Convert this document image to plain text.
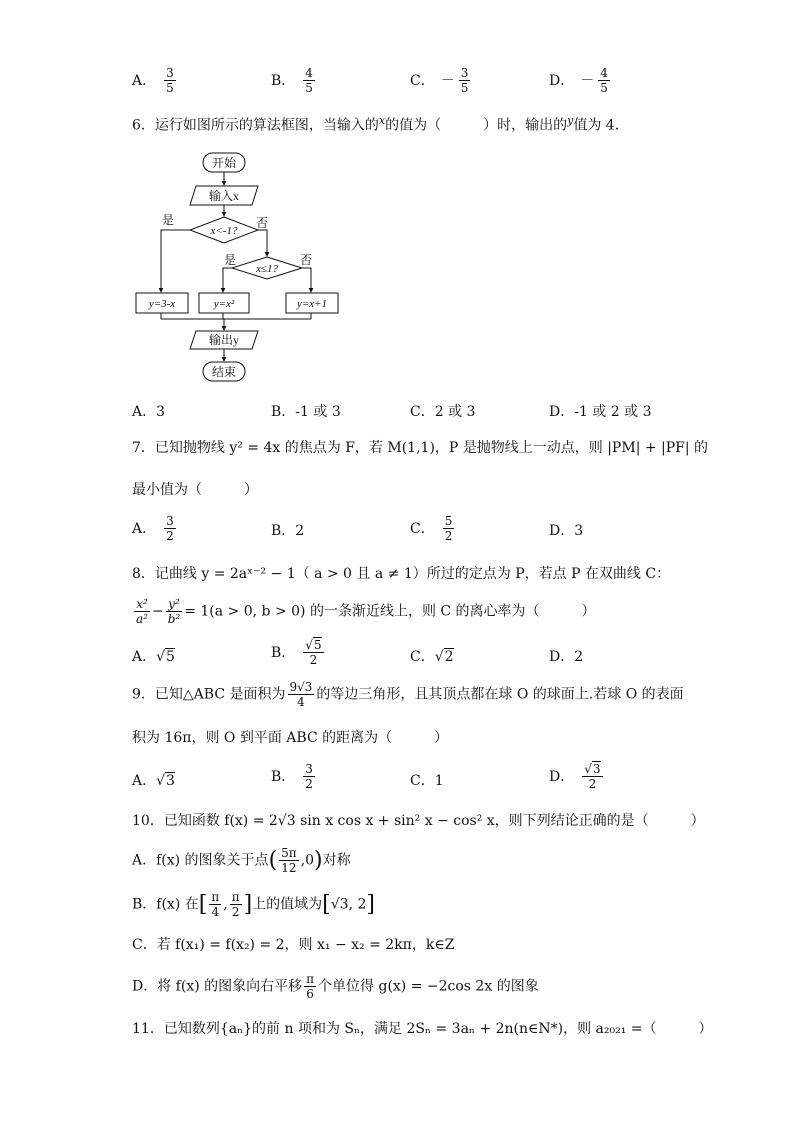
A． $\frac{3}{5}$	B． $\frac{4}{5}$	C． － $\frac{3}{5}$	D． － $\frac{4}{5}$
6．运行如图所示的算法框图，当输入的$^x$的值为（　　　）时，输出的$^y$值为 4．
开始
输入x
x<-1?
是	否
x≤1?
是	否
y=3-x	y=x²	y=x+1
输出y
结束
A．3	B．-1 或 3	C．2 或 3	D．-1 或 2 或 3
7．已知抛物线 y² = 4x 的焦点为 F，若 M(1,1)，P 是抛物线上一动点，则 |PM| + |PF| 的
最小值为（　　　）
A． $\frac{3}{2}$	B．2	C． $\frac{5}{2}$	D．3
8．记曲线 y = 2aˣ⁻² − 1（ a > 0 且 a ≠ 1）所过的定点为 P，若点 P 在双曲线 C：
$\frac{\text{x²}}{\text{a²}} - \frac{\text{y²}}{\text{b²}} = 1(a > 0$, b > 0) 的一条渐近线上，则 C 的离心率为（　　　）
A．√5	B． $\frac{√5}{2}$	C．√2	D．2
9．已知△ABC 是面积为 $\frac{9√3}{4}$ 的等边三角形，且其顶点都在球 O 的球面上.若球 O 的表面
积为 16π，则 O 到平面 ABC 的距离为（　　　）
A．√3	B． $\frac{3}{2}$	C．1	D． $\frac{√3}{2}$
10．已知函数 f(x) = 2√3 sin x cos x + sin² x − cos² x，则下列结论正确的是（　　　）
A．f(x) 的图象关于点( $\frac{5\pi}{12} ,0$)对称
B．f(x) 在[ $\frac{\pi}{4}$ , $\frac{\pi}{2}$ ]上的值域为[√3, 2]
C．若 f(x₁) = f(x₂) = 2，则 x₁ − x₂ = 2kπ，k∈Z
D．将 f(x) 的图象向右平移 $\frac{\pi}{6}$ 个单位得 g(x) = −2cos 2x 的图象
11．已知数列{aₙ}的前 n 项和为 Sₙ，满足 2Sₙ = 3aₙ + 2n(n∈N*)，则 a₂₀₂₁ =（　　　）
